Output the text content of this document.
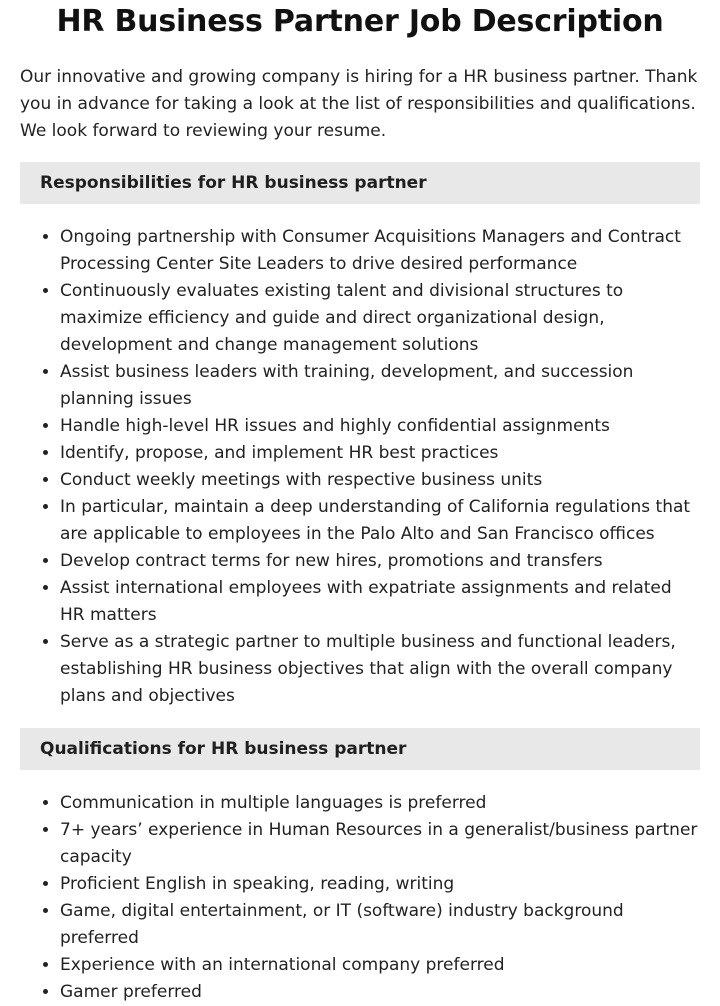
HR Business Partner Job Description

Our innovative and growing company is hiring for a HR business partner. Thank you in advance for taking a look at the list of responsibilities and qualifications. We look forward to reviewing your resume.

Responsibilities for HR business partner
• Ongoing partnership with Consumer Acquisitions Managers and Contract Processing Center Site Leaders to drive desired performance
• Continuously evaluates existing talent and divisional structures to maximize efficiency and guide and direct organizational design, development and change management solutions
• Assist business leaders with training, development, and succession planning issues
• Handle high-level HR issues and highly confidential assignments
• Identify, propose, and implement HR best practices
• Conduct weekly meetings with respective business units
• In particular, maintain a deep understanding of California regulations that are applicable to employees in the Palo Alto and San Francisco offices
• Develop contract terms for new hires, promotions and transfers
• Assist international employees with expatriate assignments and related HR matters
• Serve as a strategic partner to multiple business and functional leaders, establishing HR business objectives that align with the overall company plans and objectives
Qualifications for HR business partner
• Communication in multiple languages is preferred
• 7+ years’ experience in Human Resources in a generalist/business partner capacity
• Proficient English in speaking, reading, writing
• Game, digital entertainment, or IT (software) industry background preferred
• Experience with an international company preferred
• Gamer preferred
